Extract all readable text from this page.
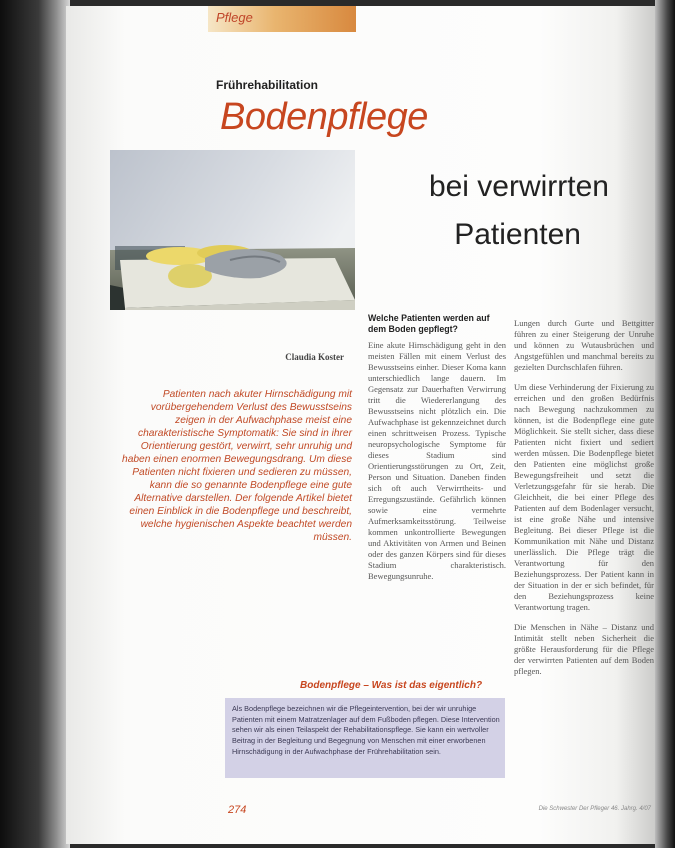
Pflege
Frührehabilitation
Bodenpflege
bei verwirrten
Patienten
Claudia Koster
Patienten nach akuter Hirnschädigung mit vorübergehendem Verlust des Bewusstseins zeigen in der Aufwachphase meist eine charakteristische Symptomatik: Sie sind in ihrer Orientierung gestört, verwirrt, sehr unruhig und haben einen enormen Bewegungsdrang. Um diese Patienten nicht fixieren und sedieren zu müssen, kann die so genannte Bodenpflege eine gute Alternative darstellen. Der folgende Artikel bietet einen Einblick in die Bodenpflege und beschreibt, welche hygienischen Aspekte beachtet werden müssen.
Welche Patienten werden auf dem Boden gepflegt?

Eine akute Hirnschädigung geht in den meisten Fällen mit einem Verlust des Bewusstseins einher. Dieser Koma kann unterschiedlich lange dauern. Im Gegensatz zur Dauerhaften Verwirrung tritt die Wiedererlangung des Bewusstseins nicht plötzlich ein. Die Aufwachphase ist gekennzeichnet durch einen schrittweisen Prozess. Typische neuropsychologische Symptome für dieses Stadium sind Orientierungsstörungen zu Ort, Zeit, Person und Situation. Daneben finden sich oft auch Verwirrtheits- und Erregungszustände. Gefährlich können sowie eine vermehrte Aufmerksamkeitsstörung. Teilweise kommen unkontrollierte Bewegungen und Aktivitäten von Armen und Beinen oder des ganzen Körpers sind für dieses Stadium charakteristisch. Bewegungsunruhe.

Lungen durch Gurte und Bettgitter führen zu einer Steigerung der Unruhe und können zu Wutausbrüchen und Angstgefühlen und manchmal bereits zu gezielten Durchschlafen führen.

Um diese Verhinderung der Fixierung zu erreichen und den großen Bedürfnis nach Bewegung nachzukommen zu können, ist die Bodenpflege eine gute Möglichkeit. Sie stellt sicher, dass diese Patienten nicht fixiert und sediert werden müssen. Die Bodenpflege bietet den Patienten eine möglichst große Bewegungsfreiheit und setzt die Verletzungsgefahr für sie herab. Die Gleichheit, die bei einer Pflege des Patienten auf dem Bodenlager versucht, ist eine große Nähe und intensive Begleitung. Bei dieser Pflege ist die Kommunikation mit Nähe und Distanz unerlässlich. Die Pflege trägt die Verantwortung für den Beziehungsprozess. Der Patient kann in der Situation in der er sich befindet, für den Beziehungsprozess keine Verantwortung tragen.

Die Menschen in Nähe – Distanz und Intimität stellt neben Sicherheit die größte Herausforderung für die Pflege der verwirrten Patienten auf dem Boden pflegen.

Bodenpflege – Was ist das eigentlich?
Als Bodenpflege bezeichnen wir die Pflegeintervention, bei der wir unruhige Patienten mit einem Matratzenlager auf dem Fußboden pflegen. Diese Intervention sehen wir als einen Teilaspekt der Rehabilitationspflege. Sie kann ein wertvoller Beitrag in der Begleitung und Begegnung von Menschen mit einer erworbenen Hirnschädigung in der Aufwachphase der Frührehabilitation sein.
274	Die Schwester Der Pfleger 46. Jahrg. 4/07
